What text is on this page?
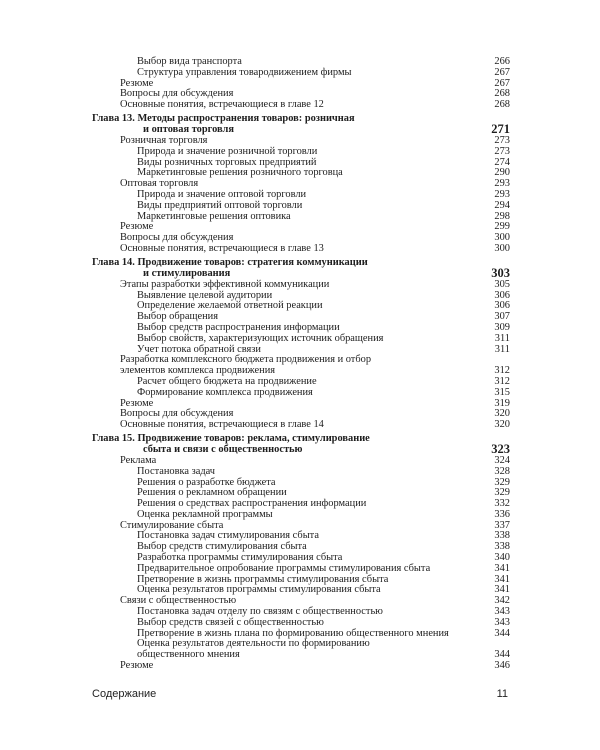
Выбор вида транспорта	266
Структура управления товародвижением фирмы	267
Резюме	267
Вопросы для обсуждения	268
Основные понятия, встречающиеся в главе 12	268
Глава 13. Методы распространения товаров: розничная
и оптовая торговля	271
Розничная торговля	273
Природа и значение розничной торговли	273
Виды розничных торговых предприятий	274
Маркетинговые решения розничного торговца	290
Оптовая торговля	293
Природа и значение оптовой торговли	293
Виды предприятий оптовой торговли	294
Маркетинговые решения оптовика	298
Резюме	299
Вопросы для обсуждения	300
Основные понятия, встречающиеся в главе 13	300
Глава 14. Продвижение товаров: стратегия коммуникации
и стимулирования	303
Этапы разработки эффективной коммуникации	305
Выявление целевой аудитории	306
Определение желаемой ответной реакции	306
Выбор обращения	307
Выбор средств распространения информации	309
Выбор свойств, характеризующих источник обращения	311
Учет потока обратной связи	311
Разработка комплексного бюджета продвижения и отбор
элементов комплекса продвижения	312
Расчет общего бюджета на продвижение	312
Формирование комплекса продвижения	315
Резюме	319
Вопросы для обсуждения	320
Основные понятия, встречающиеся в главе 14	320
Глава 15. Продвижение товаров: реклама, стимулирование
сбыта и связи с общественностью	323
Реклама	324
Постановка задач	328
Решения о разработке бюджета	329
Решения о рекламном обращении	329
Решения о средствах распространения информации	332
Оценка рекламной программы	336
Стимулирование сбыта	337
Постановка задач стимулирования сбыта	338
Выбор средств стимулирования сбыта	338
Разработка программы стимулирования сбыта	340
Предварительное опробование программы стимулирования сбыта	341
Претворение в жизнь программы стимулирования сбыта	341
Оценка результатов программы стимулирования сбыта	341
Связи с общественностью	342
Постановка задач отделу по связям с общественностью	343
Выбор средств связей с общественностью	343
Претворение в жизнь плана по формированию общественного мнения	344
Оценка результатов деятельности по формированию
общественного мнения	344
Резюме	346
Содержание	11
